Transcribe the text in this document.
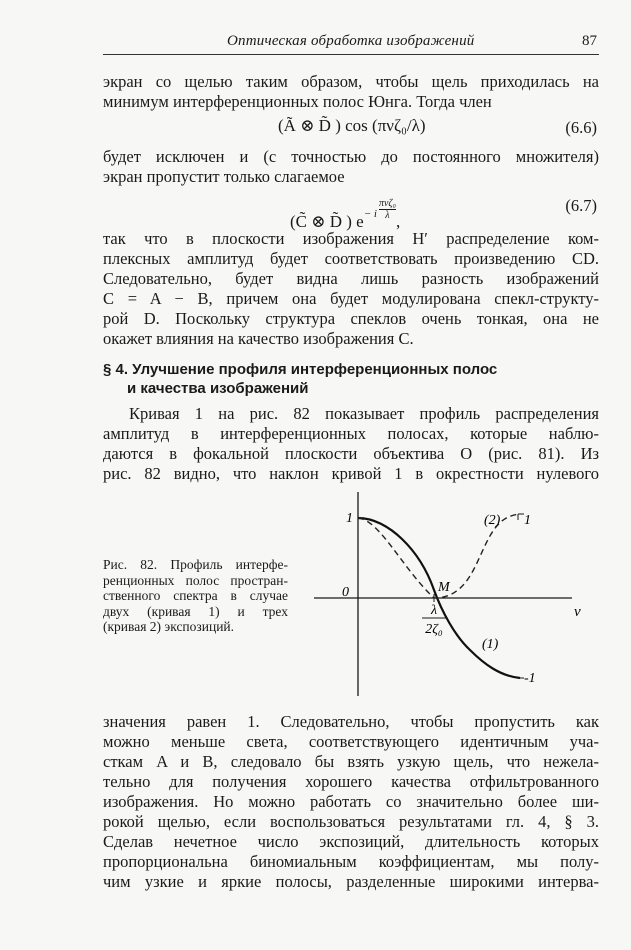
Оптическая обработка изображений	87

экран со щелью таким образом, чтобы щель приходилась на
минимум интерференционных полос Юнга. Тогда член

(Ã ⊗ D̃ ) cos (πνζ₀/λ)	(6.6)

будет исключен и (с точностью до постоянного множителя)
экран пропустит только слагаемое

(C̃ ⊗ D̃ ) $e^{- i}$
πνζ₀
λ ,
(6.7)

так что в плоскости изображения H′ распределение ком-
плексных амплитуд будет соответствовать произведению CD.
Следовательно, будет видна лишь разность изображений
C = A − B, причем она будет модулирована спекл-структу-
рой D. Поскольку структура спеклов очень тонкая, она не
окажет влияния на качество изображения C.

§ 4. Улучшение профиля интерференционных полос
и качества изображений

Кривая 1 на рис. 82 показывает профиль распределения
амплитуд в интерференционных полосах, которые наблю-
даются в фокальной плоскости объектива O (рис. 81). Из
рис. 82 видно, что наклон кривой 1 в окрестности нулевого

Рис. 82. Профиль интерфе-
ренционных полос простран-
ственного спектра в случае
двух (кривая 1) и трех
(кривая 2) экспозиций.
1	1
0	M
ν
λ
2ζ₀
(1)
(2)
-1

значения равен 1. Следовательно, чтобы пропустить как
можно меньше света, соответствующего идентичным уча-
сткам A и B, следовало бы взять узкую щель, что нежела-
тельно для получения хорошего качества отфильтрованного
изображения. Но можно работать со значительно более ши-
рокой щелью, если воспользоваться результатами гл. 4, § 3.
Сделав нечетное число экспозиций, длительность которых
пропорциональна биномиальным коэффициентам, мы полу-
чим узкие и яркие полосы, разделенные широкими интерва-
